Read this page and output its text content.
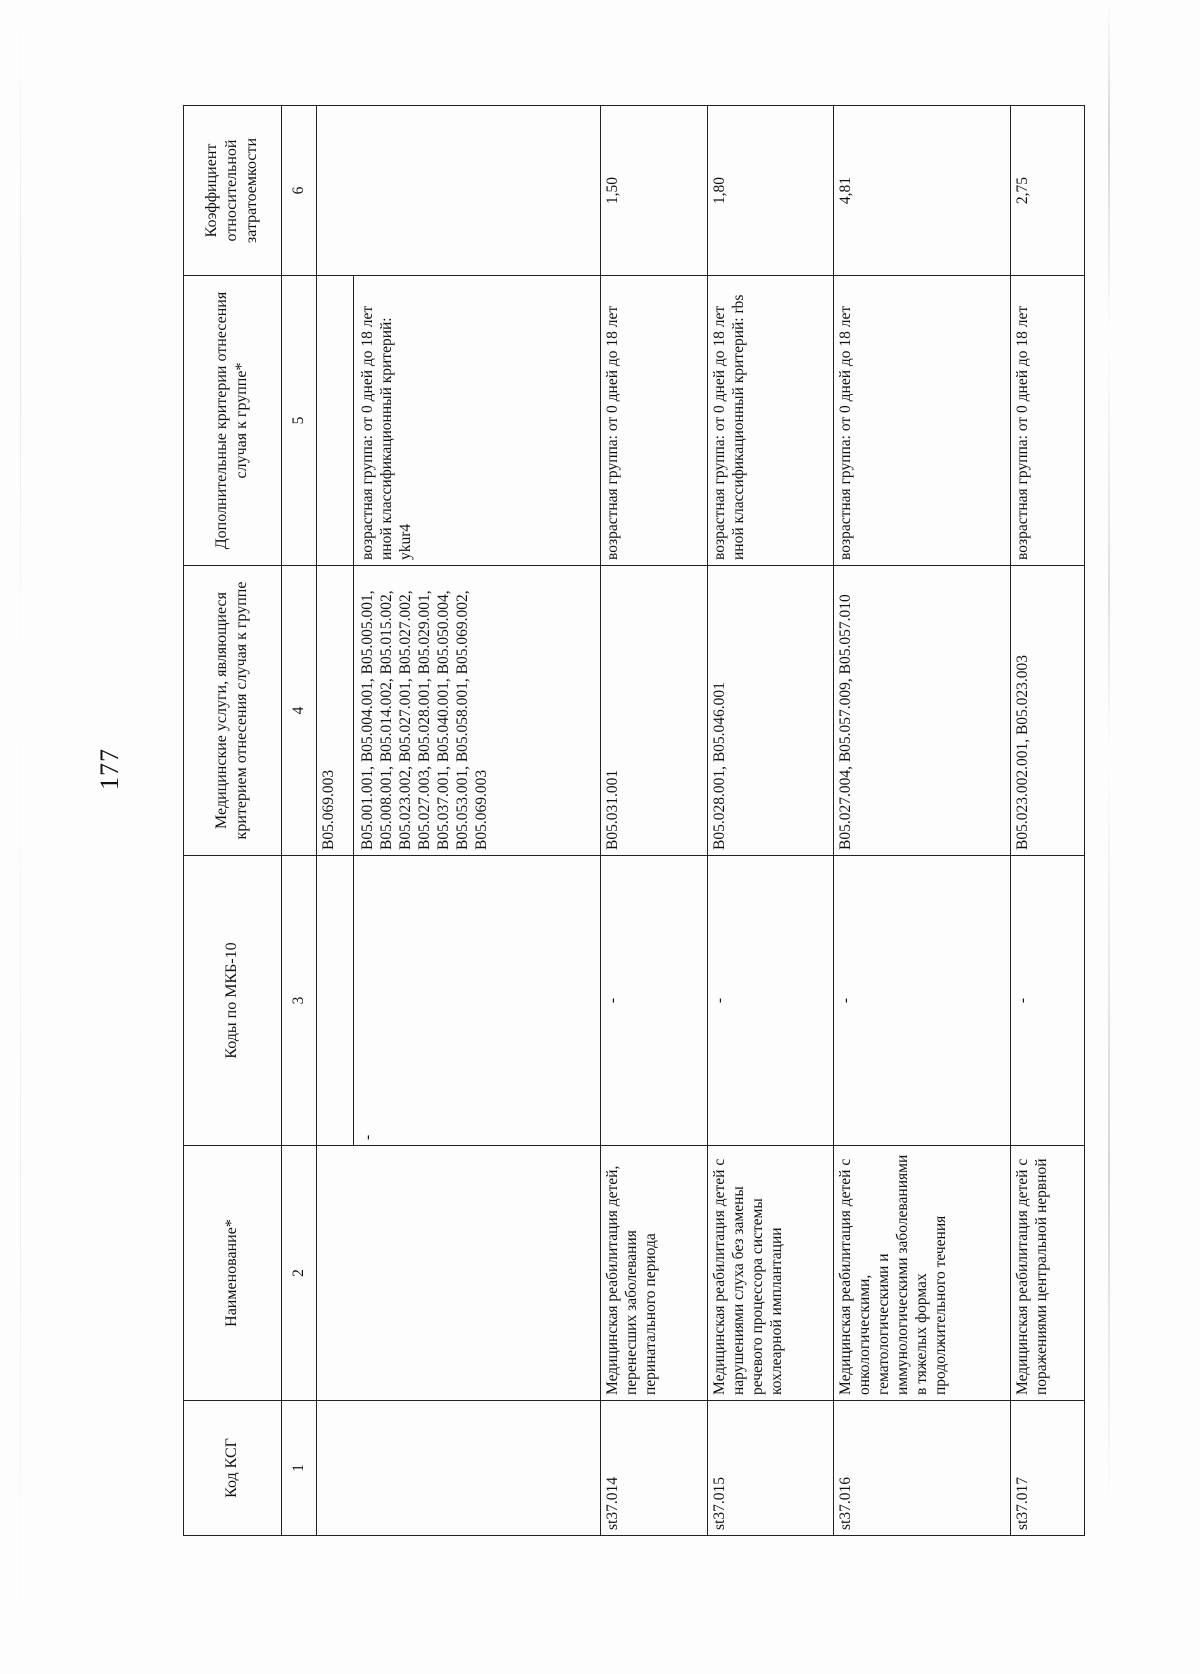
177
Код КСГ	Наименование*	Коды по МКБ-10	Медицинские услуги, являющиеся критерием отнесения случая к группе	Дополнительные критерии отнесения случая к группе*	Коэффициент относительной затратоемкости
1	2	3	4	5	6

		-	B05.069.003 B05.001.001, B05.004.001, B05.005.001, B05.008.001, B05.014.002, B05.015.002, B05.023.002, B05.027.001, B05.027.002, B05.027.003, B05.028.001, B05.029.001, B05.037.001, B05.040.001, B05.050.004, B05.053.001, B05.058.001, B05.069.002, B05.069.003	возрастная группа: от 0 дней до 18 лет иной классификационный критерий: ykur4	

st37.014	Медицинская реабилитация детей, перенесших заболевания перинатального периода	-	B05.031.001	возрастная группа: от 0 дней до 18 лет	1,50
st37.015	Медицинская реабилитация детей с нарушениями слуха без замены речевого процессора системы кохлеарной имплантации	-	B05.028.001, B05.046.001	возрастная группа: от 0 дней до 18 лет иной классификационный критерий: rbs	1,80
st37.016	Медицинская реабилитация детей с онкологическими, гематологическими и иммунологическими заболеваниями в тяжелых формах продолжительного течения	-	B05.027.004, B05.057.009, B05.057.010	возрастная группа: от 0 дней до 18 лет	4,81
st37.017	Медицинская реабилитация детей с поражениями центральной нервной	-	B05.023.002.001, B05.023.003	возрастная группа: от 0 дней до 18 лет	2,75
